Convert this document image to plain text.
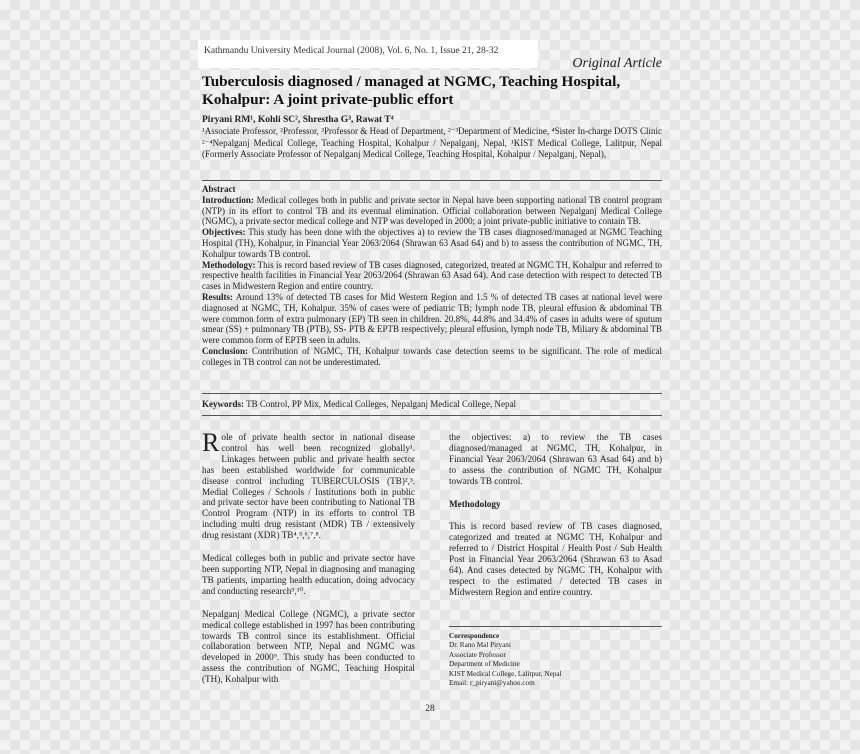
Kathmandu University Medical Journal (2008), Vol. 6, No. 1, Issue 21, 28-32
Original Article
Tuberculosis diagnosed / managed at NGMC, Teaching Hospital, Kohalpur: A joint private-public effort
Piryani RM¹, Kohli SC², Shrestha G³, Rawat T⁴
¹Associate Professor, ²Professor, ³Professor & Head of Department, ²⁻³Department of Medicine, ⁴Sister In-charge DOTS Clinic ²⁻⁴Nepalganj Medical College, Teaching Hospital, Kohalpur / Nepalganj, Nepal, ¹KIST Medical College, Lalitpur, Nepal (Formerly Associate Professor of Nepalganj Medical College, Teaching Hospital, Kohalpur / Nepalganj, Nepal),

Abstract

Introduction: Medical colleges both in public and private sector in Nepal have been supporting national TB control program (NTP) in its effort to control TB and its eventual elimination. Official collaboration between Nepalganj Medical College (NGMC), a private sector medical college and NTP was developed in 2000; a joint private-public initiative to contain TB.

Objectives: This study has been done with the objectives a) to review the TB cases diagnosed/managed at NGMC Teaching Hospital (TH), Kohalpur, in Financial Year 2063/2064 (Shrawan 63 Asad 64) and b) to assess the contribution of NGMC, TH, Kohalpur towards TB control.

Methodology: This is record based review of TB cases diagnosed, categorized, treated at NGMC TH, Kohalpur and referred to respective health facilities in Financial Year 2063/2064 (Shrawan 63 Asad 64). And case detection with respect to detected TB cases in Midwestern Region and entire country.

Results: Around 13% of detected TB cases for Mid Western Region and 1.5 % of detected TB cases at national level were diagnosed at NGMC, TH, Kohalpur. 35% of cases were of pediatric TB; lymph node TB, pleural effusion & abdominal TB were common form of extra pulmonary (EP) TB seen in children. 20.8%, 44.8% and 34.4% of cases in adults were of sputum smear (SS) + pulmonary TB (PTB), SS- PTB & EPTB respectively; pleural effusion, lymph node TB, Miliary & abdominal TB were common form of EPTB seen in adults.

Conclusion: Contribution of NGMC, TH, Kohalpur towards case detection seems to be significant. The role of medical colleges in TB control can not be underestimated.

Keywords: TB Control, PP Mix, Medical Colleges, Nepalganj Medical College, Nepal

Role of private health sector in national disease control has well been recognized globally¹. Linkages between public and private health sector has been established worldwide for communicable disease control including TUBERCULOSIS (TB)²,³. Medial Colleges / Schools / Institutions both in public and private sector have been contributing to National TB Control Program (NTP) in its efforts to control TB including multi drug resistant (MDR) TB / extensively drug resistant (XDR) TB⁴,⁵,⁶,⁷,⁸.

Medical colleges both in public and private sector have been supporting NTP, Nepal in diagnosing and managing TB patients, imparting health education, doing advocacy and conducting research⁹,¹⁰.

Nepalganj Medical College (NGMC), a private sector medical college established in 1997 has been contributing towards TB control since its establishment. Official collaboration between NTP, Nepal and NGMC was developed in 2000⁹. This study has been conducted to assess the contribution of NGMC, Teaching Hospital (TH), Kohalpur with

the objectives: a) to review the TB cases diagnosed/managed at NGMC, TH, Kohalpur, in Financial Year 2063/2064 (Shrawan 63 Asad 64) and b) to assess the contribution of NGMC TH, Kohalpur towards TB control.

Methodology

This is record based review of TB cases diagnosed, categorized and treated at NGMC TH, Kohalpur and referred to / District Hospital / Health Post / Sub Health Post in Financial Year 2063/2064 (Shrawan 63 to Asad 64). And cases detected by NGMC TH, Kohalpur with respect to the estimated / detected TB cases in Midwestern Region and entire country.

Correspondence
Dr. Rano Mal Piryani
Associate Professor
Department of Medicine
KIST Medical College, Lalitpur, Nepal
Email: r_piryani@yahoo.com
28
